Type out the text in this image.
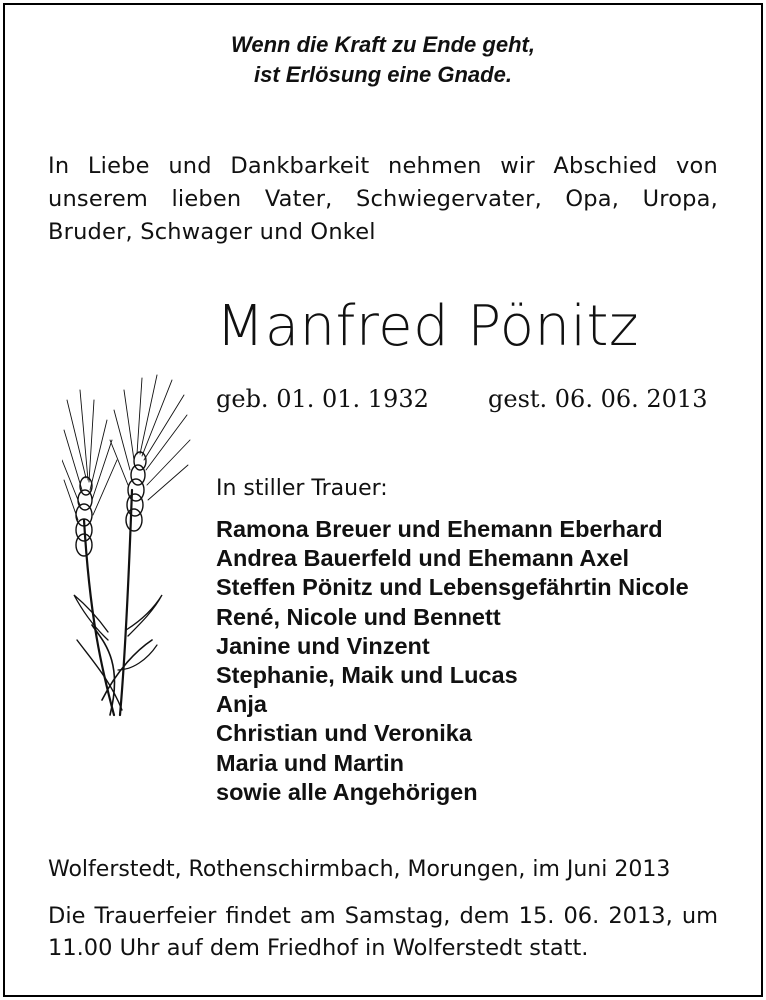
Wenn die Kraft zu Ende geht,
ist Erlösung eine Gnade.
In Liebe und Dankbarkeit nehmen wir Abschied von unserem lieben Vater, Schwiegervater, Opa, Uropa, Bruder, Schwager und Onkel
Manfred Pönitz
geb. 01. 01. 1932 gest. 06. 06. 2013
In stiller Trauer:
Ramona Breuer und Ehemann Eberhard
Andrea Bauerfeld und Ehemann Axel
Steffen Pönitz und Lebensgefährtin Nicole
René, Nicole und Bennett
Janine und Vinzent
Stephanie, Maik und Lucas
Anja
Christian und Veronika
Maria und Martin
sowie alle Angehörigen
Wolferstedt, Rothenschirmbach, Morungen, im Juni 2013
Die Trauerfeier findet am Samstag, dem 15. 06. 2013, um 11.00 Uhr auf dem Friedhof in Wolferstedt statt.
